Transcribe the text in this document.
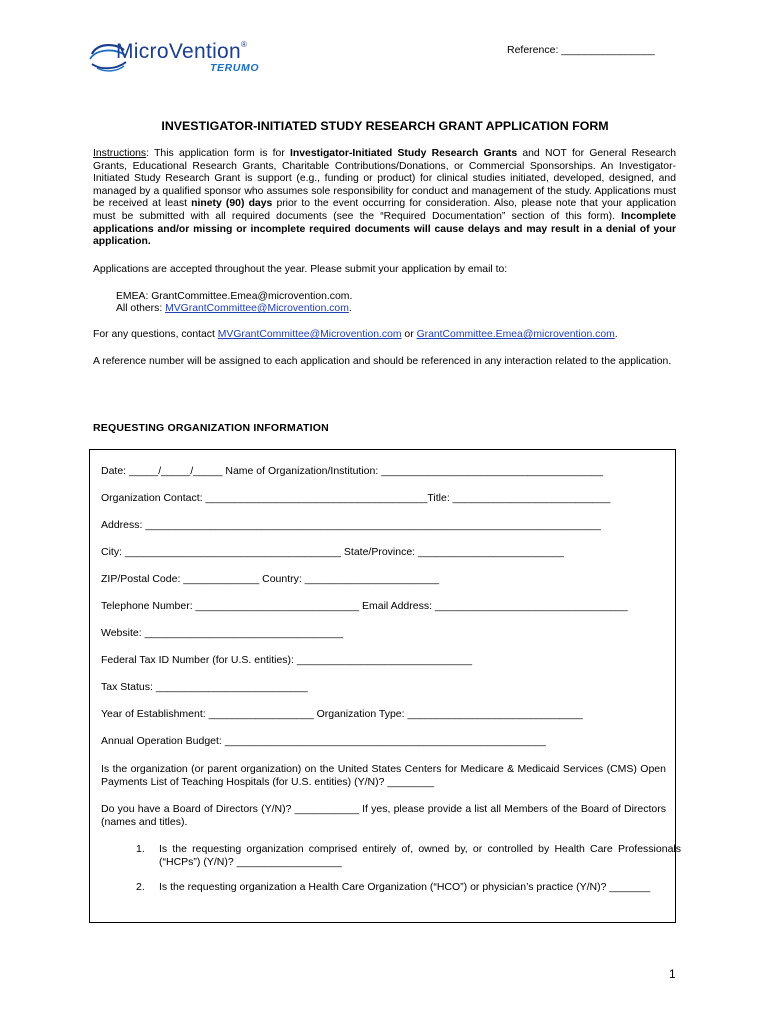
MicroVention®
TERUMO
Reference: ________________
INVESTIGATOR-INITIATED STUDY RESEARCH GRANT APPLICATION FORM
Instructions: This application form is for Investigator-Initiated Study Research Grants and NOT for General Research Grants, Educational Research Grants, Charitable Contributions/Donations, or Commercial Sponsorships. An Investigator-Initiated Study Research Grant is support (e.g., funding or product) for clinical studies initiated, developed, designed, and managed by a qualified sponsor who assumes sole responsibility for conduct and management of the study. Applications must be received at least ninety (90) days prior to the event occurring for consideration. Also, please note that your application must be submitted with all required documents (see the “Required Documentation” section of this form). Incomplete applications and/or missing or incomplete required documents will cause delays and may result in a denial of your application.
Applications are accepted throughout the year. Please submit your application by email to:
EMEA: GrantCommittee.Emea@microvention.com.
All others: MVGrantCommittee@Microvention.com.
For any questions, contact MVGrantCommittee@Microvention.com or GrantCommittee.Emea@microvention.com.
A reference number will be assigned to each application and should be referenced in any interaction related to the application.
REQUESTING ORGANIZATION INFORMATION
Date: _____/_____/_____ Name of Organization/Institution: ______________________________________
Organization Contact: ______________________________________Title: ___________________________
Address: ______________________________________________________________________________
City: _____________________________________ State/Province: _________________________
ZIP/Postal Code: _____________ Country: _______________________
Telephone Number: ____________________________ Email Address: _________________________________
Website: __________________________________
Federal Tax ID Number (for U.S. entities): ______________________________
Tax Status: __________________________
Year of Establishment: __________________ Organization Type: ______________________________
Annual Operation Budget: _______________________________________________________
Is the organization (or parent organization) on the United States Centers for Medicare & Medicaid Services (CMS) Open Payments List of Teaching Hospitals (for U.S. entities) (Y/N)? ________
Do you have a Board of Directors (Y/N)? ___________ If yes, please provide a list all Members of the Board of Directors (names and titles).
1. Is the requesting organization comprised entirely of, owned by, or controlled by Health Care Professionals (“HCPs”) (Y/N)? __________________
2. Is the requesting organization a Health Care Organization (“HCO”) or physician’s practice (Y/N)? _______
1
